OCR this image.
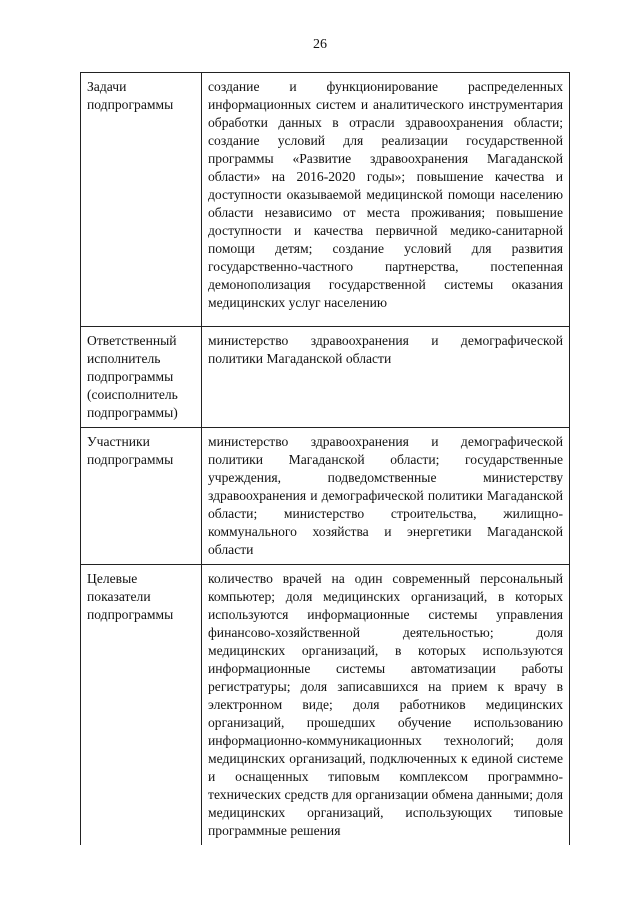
26
Задачи подпрограммы	создание и функционирование распределенных информационных систем и аналитического инструментария обработки данных в отрасли здравоохранения области; создание условий для реализации государственной программы «Развитие здравоохранения Магаданской области» на 2016-2020 годы»; повышение качества и доступности оказываемой медицинской помощи населению области независимо от места проживания; повышение доступности и качества первичной медико-санитарной помощи детям; создание условий для развития государственно-частного партнерства, постепенная демонополизация государственной системы оказания медицинских услуг населению
Ответственный исполнитель подпрограммы (соисполнитель подпрограммы)	министерство здравоохранения и демографической политики Магаданской области
Участники подпрограммы	министерство здравоохранения и демографической политики Магаданской области; государственные учреждения, подведомственные министерству здравоохранения и демографической политики Магаданской области; министерство строительства, жилищно-коммунального хозяйства и энергетики Магаданской области
Целевые показатели подпрограммы	количество врачей на один современный персональный компьютер; доля медицинских организаций, в которых используются информационные системы управления финансово-хозяйственной деятельностью; доля медицинских организаций, в которых используются информационные системы автоматизации работы регистратуры; доля записавшихся на прием к врачу в электронном виде; доля работников медицинских организаций, прошедших обучение использованию информационно-коммуникационных технологий; доля медицинских организаций, подключенных к единой системе и оснащенных типовым комплексом программно-технических средств для организации обмена данными; доля медицинских организаций, использующих типовые программные решения
